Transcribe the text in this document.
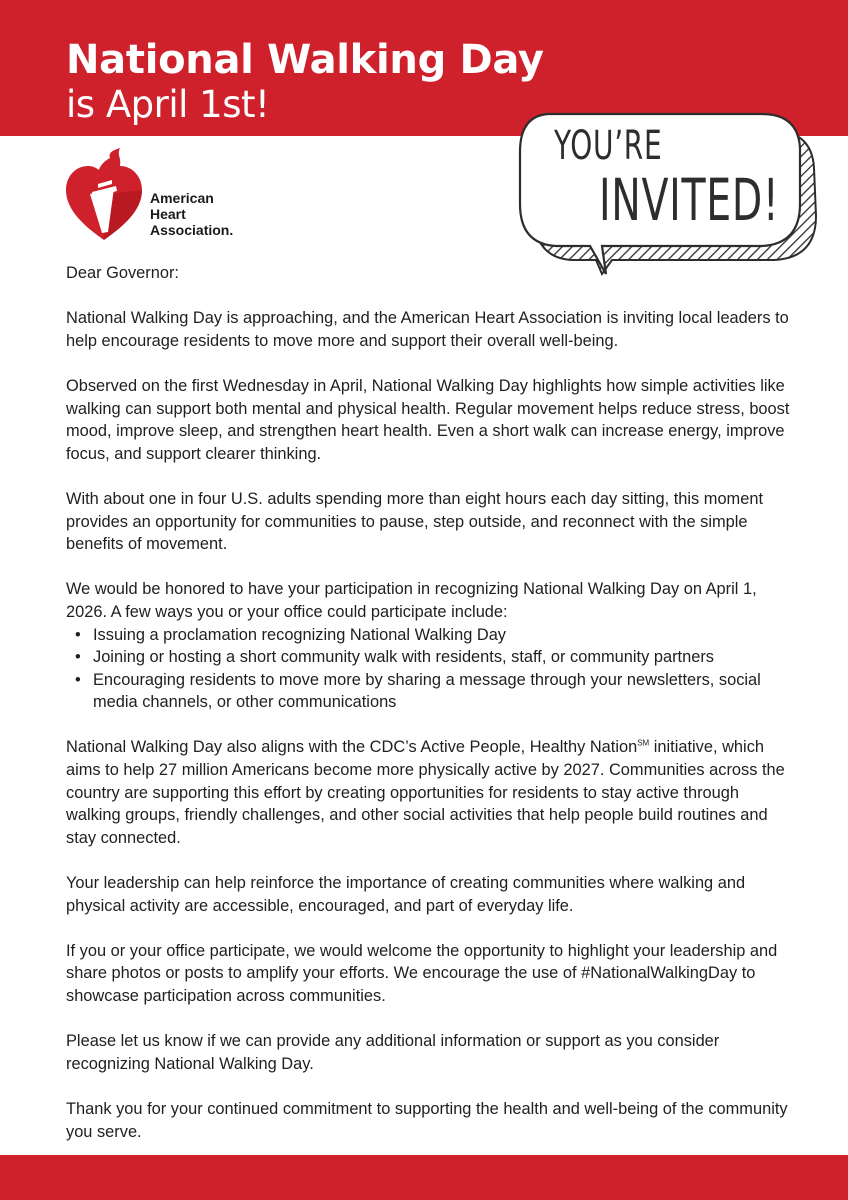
National Walking Day
is April 1st!
YOU’RE
INVITED!
American
Heart
Association.

Dear Governor:

National Walking Day is approaching, and the American Heart Association is inviting local leaders to help encourage residents to move more and support their overall well-being.

Observed on the first Wednesday in April, National Walking Day highlights how simple activities like walking can support both mental and physical health. Regular movement helps reduce stress, boost mood, improve sleep, and strengthen heart health. Even a short walk can increase energy, improve focus, and support clearer thinking.

With about one in four U.S. adults spending more than eight hours each day sitting, this moment provides an opportunity for communities to pause, step outside, and reconnect with the simple benefits of movement.

We would be honored to have your participation in recognizing National Walking Day on April 1, 2026. A few ways you or your office could participate include:

• Issuing a proclamation recognizing National Walking Day
• Joining or hosting a short community walk with residents, staff, or community partners
• Encouraging residents to move more by sharing a message through your newsletters, social media channels, or other communications

National Walking Day also aligns with the CDC’s Active People, Healthy Nation℠ initiative, which aims to help 27 million Americans become more physically active by 2027. Communities across the country are supporting this effort by creating opportunities for residents to stay active through walking groups, friendly challenges, and other social activities that help people build routines and stay connected.

Your leadership can help reinforce the importance of creating communities where walking and physical activity are accessible, encouraged, and part of everyday life.

If you or your office participate, we would welcome the opportunity to highlight your leadership and share photos or posts to amplify your efforts. We encourage the use of #NationalWalkingDay to showcase participation across communities.

Please let us know if we can provide any additional information or support as you consider recognizing National Walking Day.

Thank you for your continued commitment to supporting the health and well-being of the community you serve.
